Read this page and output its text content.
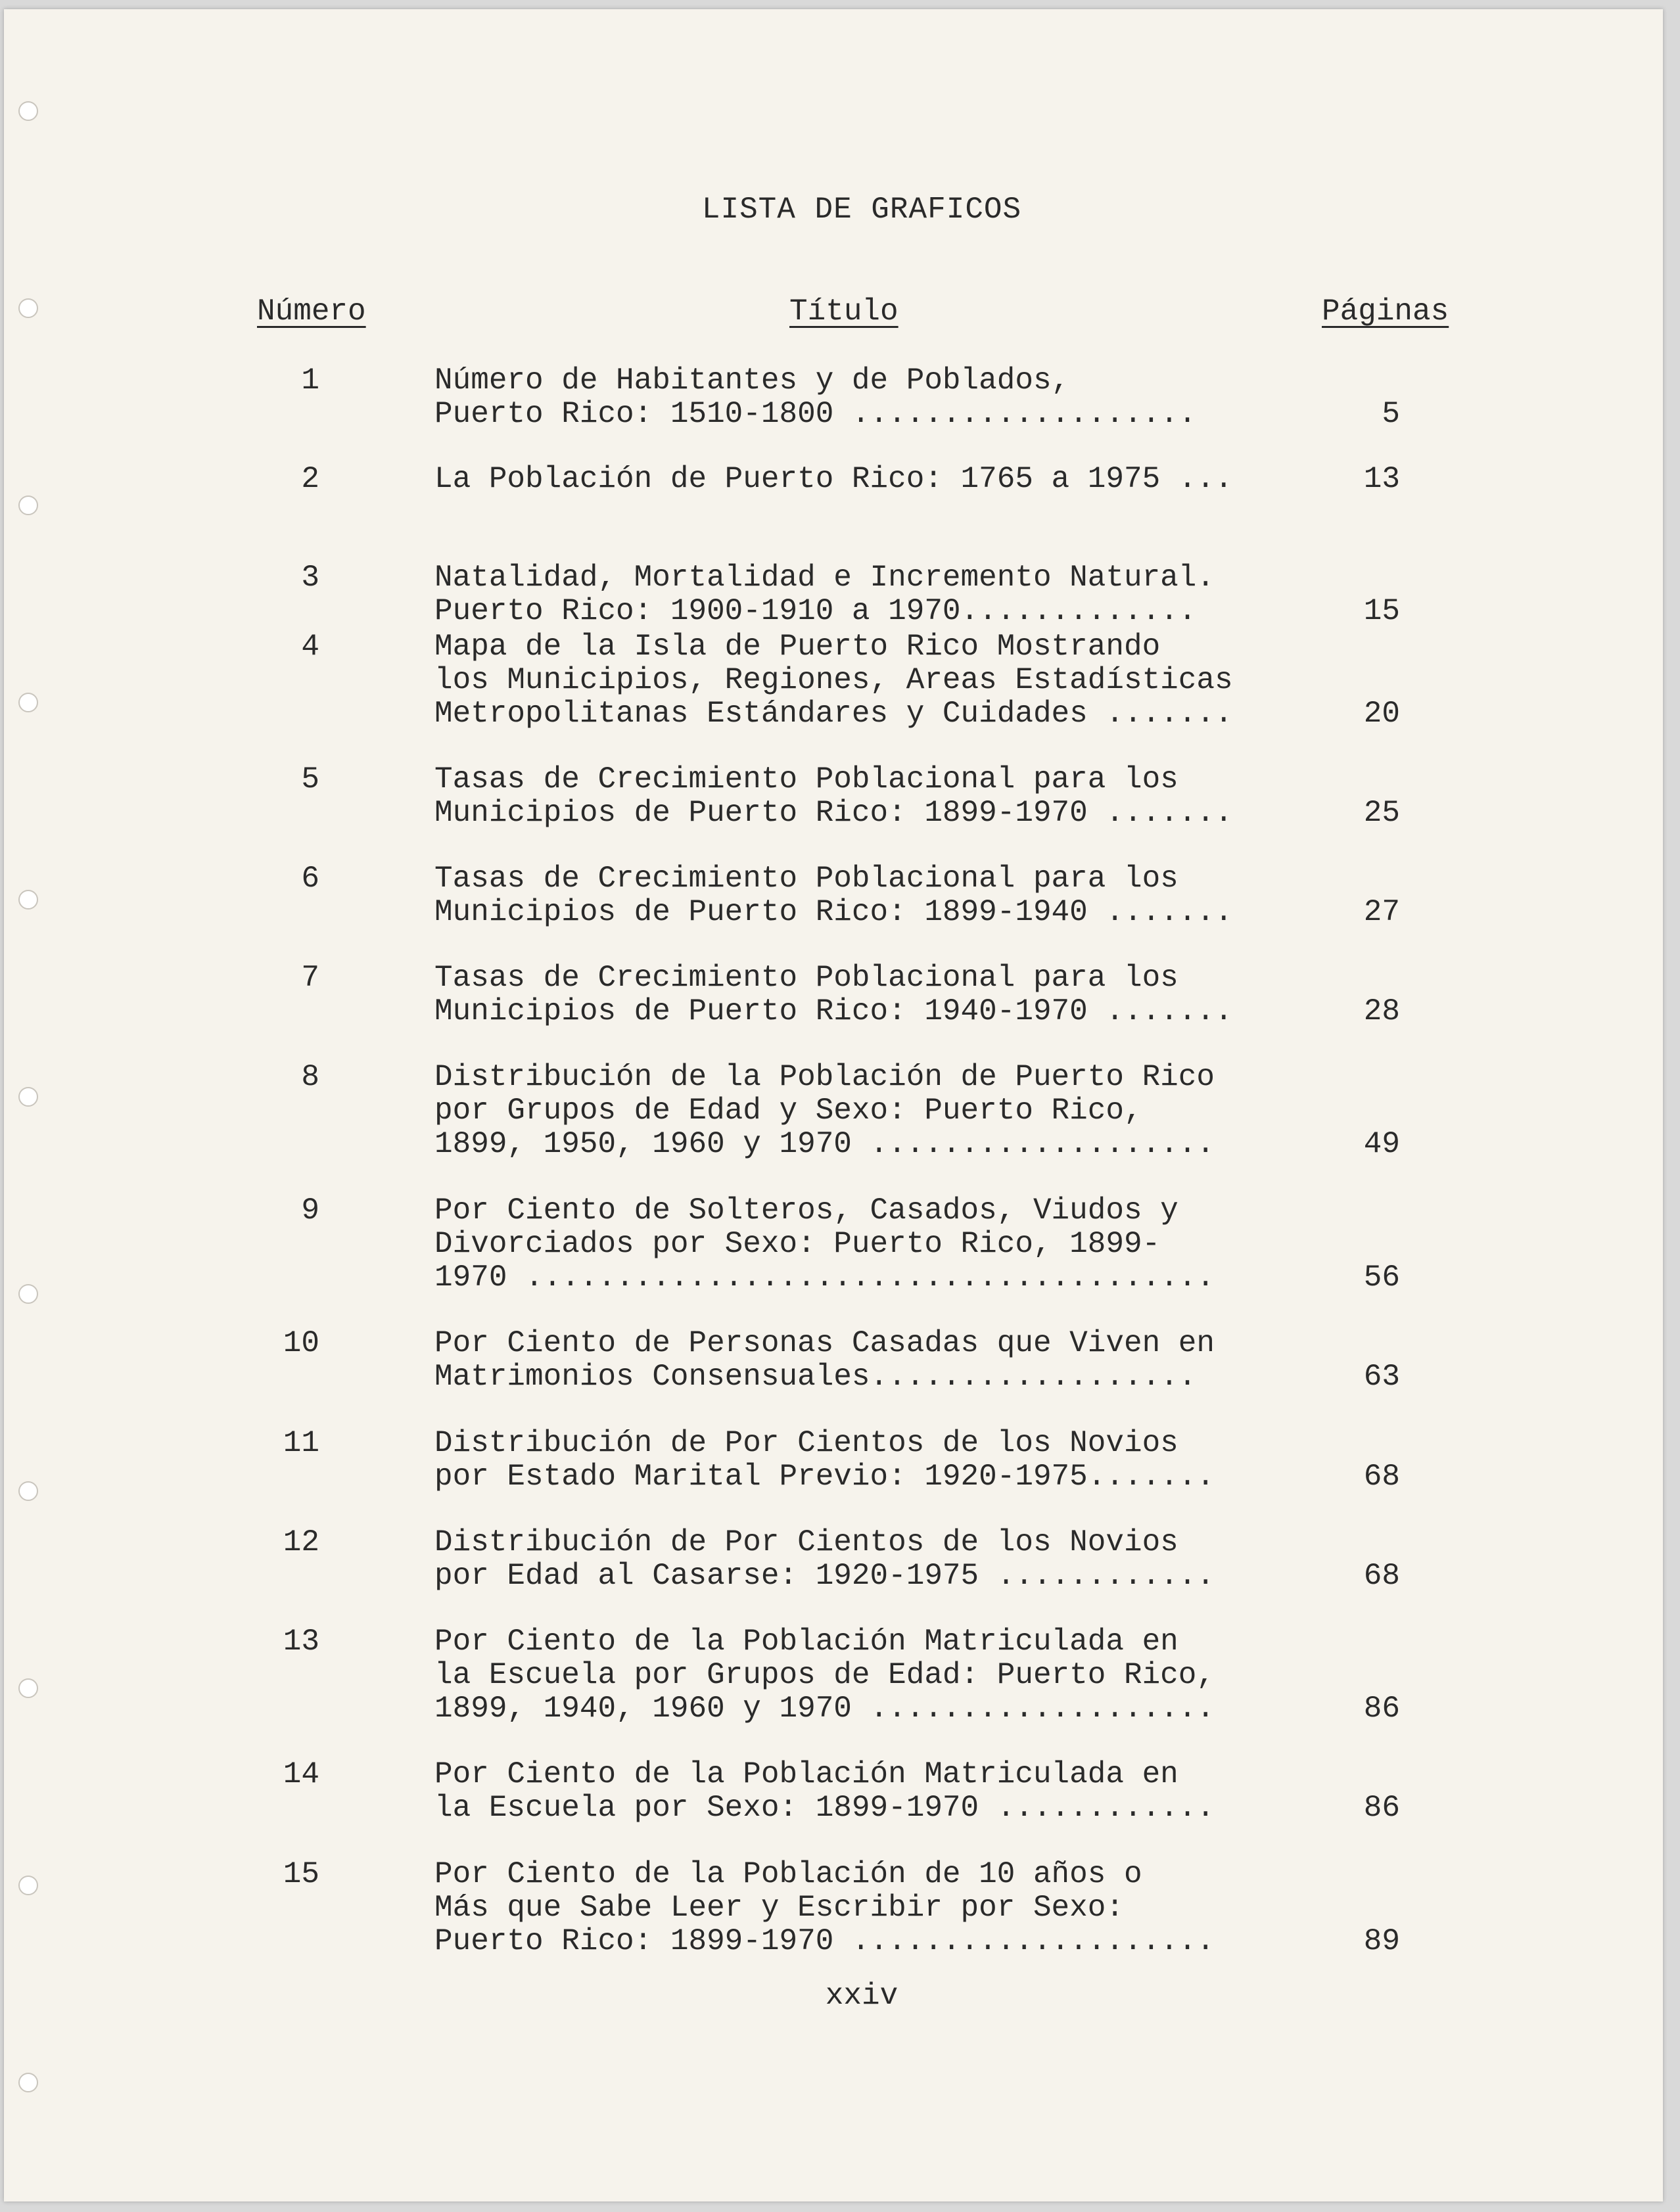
LISTA DE GRAFICOS
Número	Título	Páginas
1	Número de Habitantes y de Poblados,
Puerto Rico: 1510-1800 ...................	5
2	La Población de Puerto Rico: 1765 a 1975 ...	13
3	Natalidad, Mortalidad e Incremento Natural.
Puerto Rico: 1900-1910 a 1970.............	15
4	Mapa de la Isla de Puerto Rico Mostrando
los Municipios, Regiones, Areas Estadísticas
Metropolitanas Estándares y Cuidades .......	20
5	Tasas de Crecimiento Poblacional para los
Municipios de Puerto Rico: 1899-1970 .......	25
6	Tasas de Crecimiento Poblacional para los
Municipios de Puerto Rico: 1899-1940 .......	27
7	Tasas de Crecimiento Poblacional para los
Municipios de Puerto Rico: 1940-1970 .......	28
8	Distribución de la Población de Puerto Rico
por Grupos de Edad y Sexo: Puerto Rico,
1899, 1950, 1960 y 1970 ...................	49
9	Por Ciento de Solteros, Casados, Viudos y
Divorciados por Sexo: Puerto Rico, 1899-
1970 ......................................	56
10	Por Ciento de Personas Casadas que Viven en
Matrimonios Consensuales..................	63
11	Distribución de Por Cientos de los Novios
por Estado Marital Previo: 1920-1975.......	68
12	Distribución de Por Cientos de los Novios
por Edad al Casarse: 1920-1975 ............	68
13	Por Ciento de la Población Matriculada en
la Escuela por Grupos de Edad: Puerto Rico,
1899, 1940, 1960 y 1970 ...................	86
14	Por Ciento de la Población Matriculada en
la Escuela por Sexo: 1899-1970 ............	86
15	Por Ciento de la Población de 10 años o
Más que Sabe Leer y Escribir por Sexo:
Puerto Rico: 1899-1970 ....................	89
xxiv
